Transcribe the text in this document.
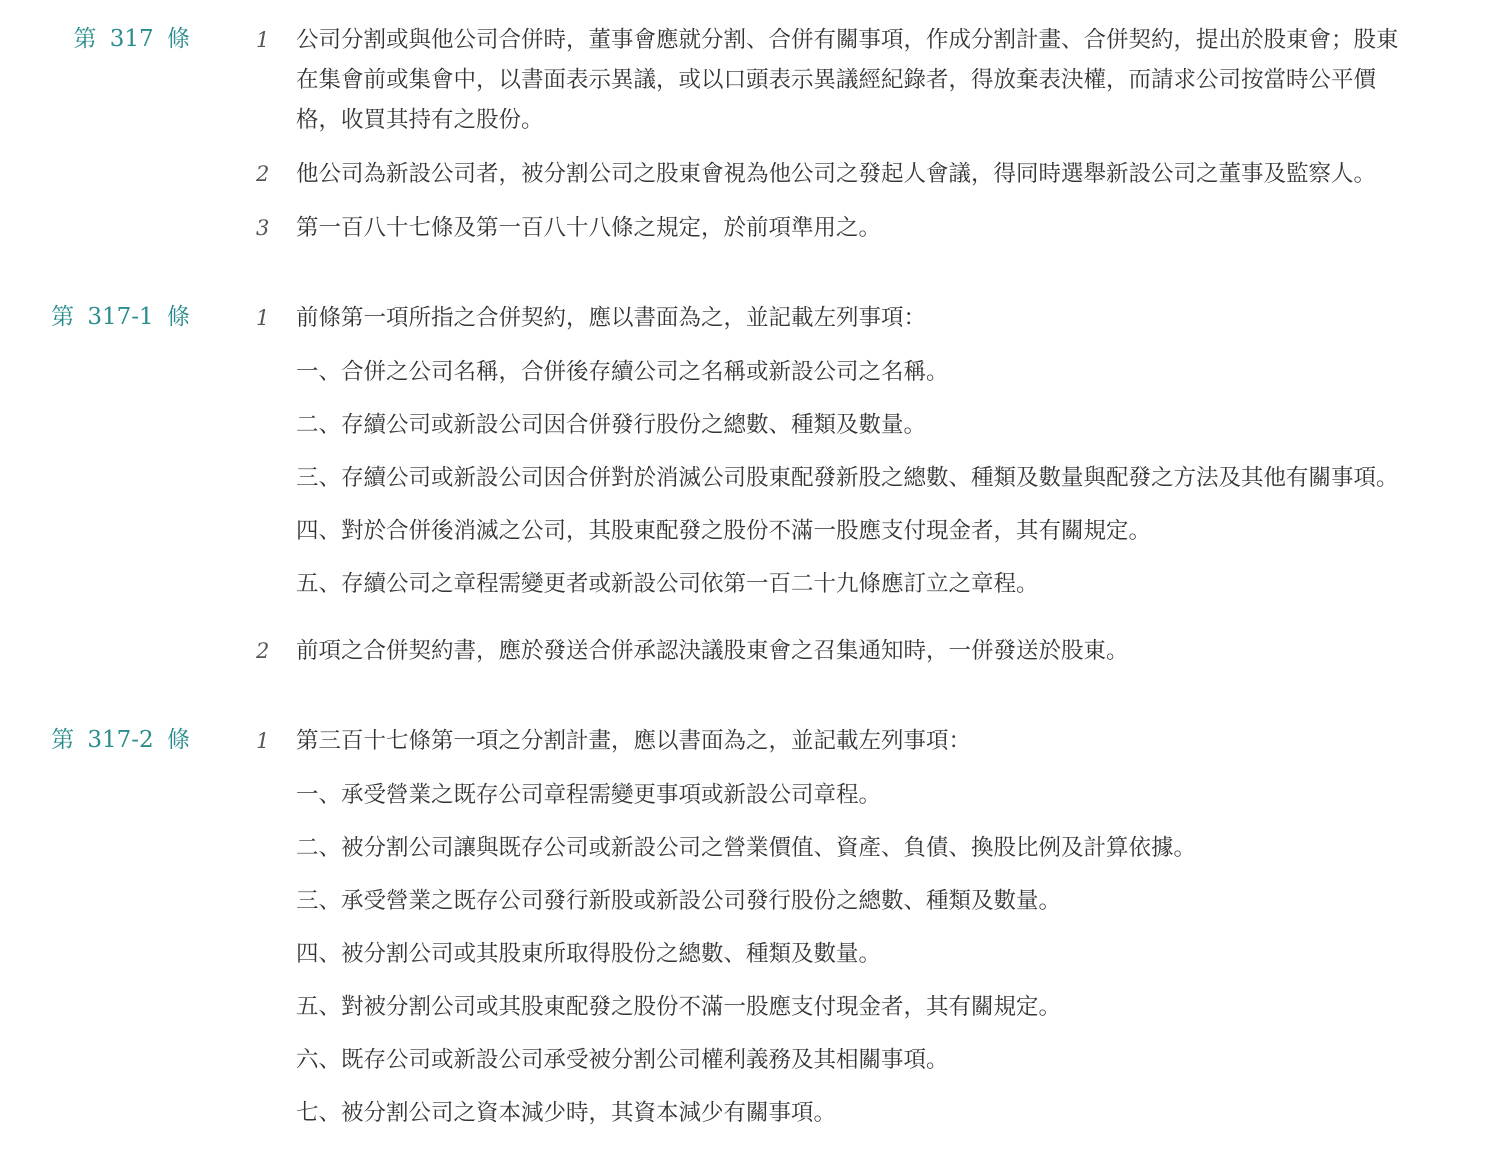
第 317 條	1	公司分割或與他公司合併時，董事會應就分割、合併有關事項，作成分割計畫、合併契約，提出於股東會；股東在集會前或集會中，以書面表示異議，或以口頭表示異議經紀錄者，得放棄表決權，而請求公司按當時公平價格，收買其持有之股份。
2	他公司為新設公司者，被分割公司之股東會視為他公司之發起人會議，得同時選舉新設公司之董事及監察人。
3	第一百八十七條及第一百八十八條之規定，於前項準用之。
第 317-1 條	1	前條第一項所指之合併契約，應以書面為之，並記載左列事項：
一、合併之公司名稱，合併後存續公司之名稱或新設公司之名稱。
二、存續公司或新設公司因合併發行股份之總數、種類及數量。
三、存續公司或新設公司因合併對於消滅公司股東配發新股之總數、種類及數量與配發之方法及其他有關事項。
四、對於合併後消滅之公司，其股東配發之股份不滿一股應支付現金者，其有關規定。
五、存續公司之章程需變更者或新設公司依第一百二十九條應訂立之章程。
2	前項之合併契約書，應於發送合併承認決議股東會之召集通知時，一併發送於股東。
第 317-2 條	1	第三百十七條第一項之分割計畫，應以書面為之，並記載左列事項：
一、承受營業之既存公司章程需變更事項或新設公司章程。
二、被分割公司讓與既存公司或新設公司之營業價值、資產、負債、換股比例及計算依據。
三、承受營業之既存公司發行新股或新設公司發行股份之總數、種類及數量。
四、被分割公司或其股東所取得股份之總數、種類及數量。
五、對被分割公司或其股東配發之股份不滿一股應支付現金者，其有關規定。
六、既存公司或新設公司承受被分割公司權利義務及其相關事項。
七、被分割公司之資本減少時，其資本減少有關事項。
